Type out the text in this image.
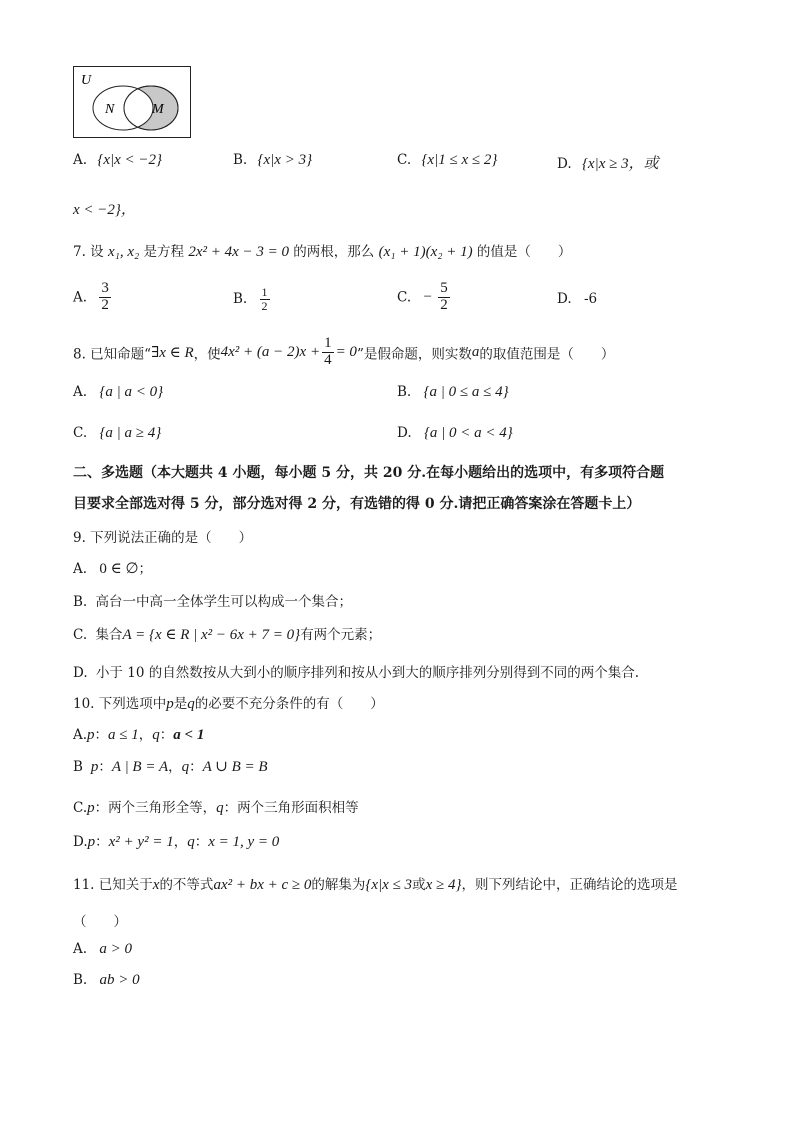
U
N	M
A. {x|x < −2}	B. {x|x > 3}	C. {x|1 ≤ x ≤ 2}	D. {x|x ≥ 3，或
x < −2}，
7. 设 x₁, x₂ 是方程 2x² + 4x − 3 = 0 的两根，那么 (x₁ + 1)(x₂ + 1) 的值是（　　）
A. $\frac{3}{2}$	B. $\frac{1}{2}$	C. − $\frac{5}{2}$	D. -6
8. 已知命题“∃x ∈ R，使$4x^2 + (a - 2)x + \frac{1}{4} = 0$”是假命题，则实数a的取值范围是（　　）
A. {a | a < 0}	B. {a | 0 ≤ a ≤ 4}
C. {a | a ≥ 4}	D. {a | 0 < a < 4}
二、多选题（本大题共 4 小题，每小题 5 分，共 20 分.在每小题给出的选项中，有多项符合题
目要求全部选对得 5 分，部分选对得 2 分，有选错的得 0 分.请把正确答案涂在答题卡上）
9. 下列说法正确的是（　　）
A. 0 ∈ ∅；
B. 高台一中高一全体学生可以构成一个集合；
C. 集合A = {x ∈ R | x² − 6x + 7 = 0}有两个元素；
D. 小于 10 的自然数按从大到小的顺序排列和按从小到大的顺序排列分别得到不同的两个集合.
10. 下列选项中p是q的必要不充分条件的有（　　）
A.p：a ≤ 1，q：a < 1
B p：A | B = A，q：A ∪ B = B
C.p：两个三角形全等，q：两个三角形面积相等
D.p：x² + y² = 1，q：x = 1, y = 0
11. 已知关于x的不等式ax² + bx + c ≥ 0的解集为{x|x ≤ 3或x ≥ 4}，则下列结论中，正确结论的选项是
（　　）
A. a > 0
B. ab > 0
